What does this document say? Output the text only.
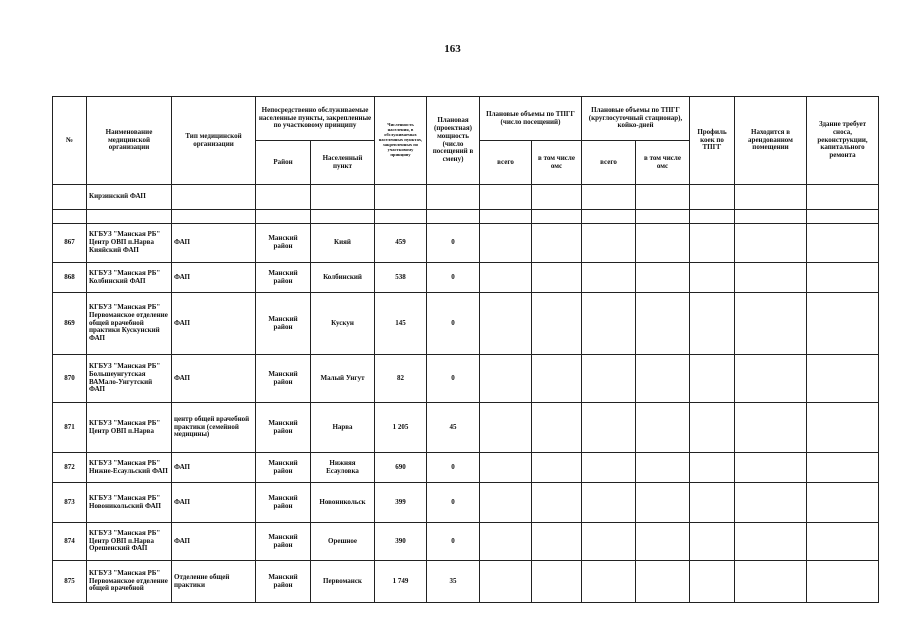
163
№	Наименование медицинской организации	Тип медицинской организации	Непосредственно обслуживаемые населенные пункты, закрепленные по участковому принципу		Численность населения, в обслуживаемых населенных пунктах, закрепленных по участковому принципу	Плановая (проектная) мощность (число посещений в смену)	Плановые объемы по ТПГГ (число посещений)		Плановые объемы по ТПГГ (круглосуточный стационар), койко-дней		Профиль коек по ТПГГ	Находится в арендованном помещении	Здание требует сноса, реконструкции, капитального ремонта
			Район	Населенный пункт			всего	в том числе омс	всего	в том числе омс			
	Кирзинский ФАП												

867	КГБУЗ "Манская РБ" Центр ОВП п.Нарва Кияйский ФАП	ФАП	Манский район	Кияй	459	0							
868	КГБУЗ "Манская РБ" Колбинский ФАП	ФАП	Манский район	Колбинский	538	0							
869	КГБУЗ "Манская РБ" Первоманское отделение общей врачебной практики Кускунский ФАП	ФАП	Манский район	Кускун	145	0							
870	КГБУЗ "Манская РБ" Большеунгутская ВАМало-Унгутский ФАП	ФАП	Манский район	Малый Унгут	82	0							
871	КГБУЗ "Манская РБ" Центр ОВП п.Нарва	центр общей врачебной практики (семейной медицины)	Манский район	Нарва	1 205	45							
872	КГБУЗ "Манская РБ" Нижне-Есаульский ФАП	ФАП	Манский район	Нижняя Есауловка	690	0							
873	КГБУЗ "Манская РБ" Новоникольский ФАП	ФАП	Манский район	Новоникольск	399	0							
874	КГБУЗ "Манская РБ" Центр ОВП п.Нарва Орешенский ФАП	ФАП	Манский район	Орешное	390	0							
875	КГБУЗ "Манская РБ" Первоманское отделение общей врачебной	Отделение общей практики	Манский район	Первоманск	1 749	35							
